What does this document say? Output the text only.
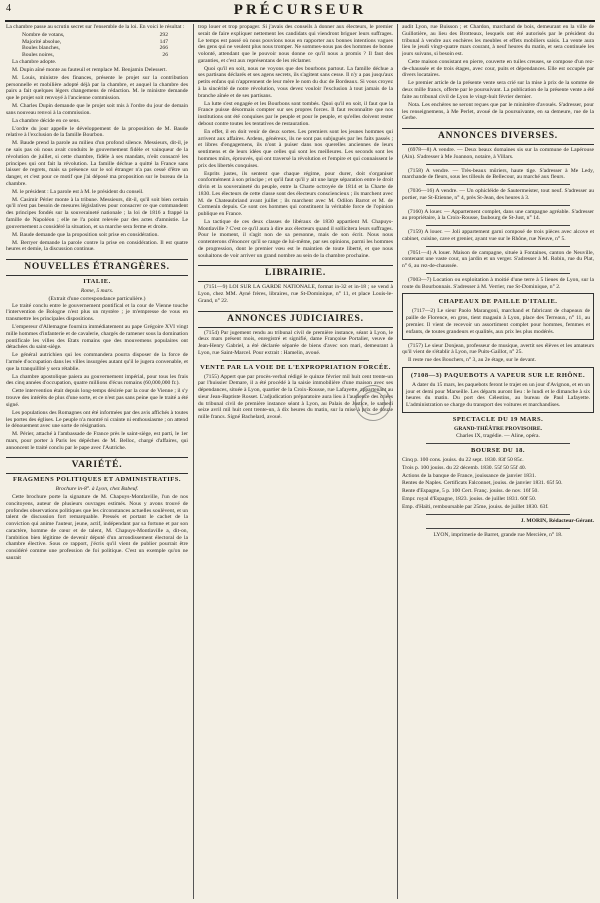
4	PRÉCURSEUR

La chambre passe au scrutin secret sur l'ensemble de la loi. En voici le résultat :

Nombre de votans,	292
Majorité absolue,	147
Boules blanches,	266
Boules noires,	26

La chambre adopte.

M. Dupin aîné monte au fauteuil et remplace M. Benjamin Delessert.

M. Louis, ministre des finances, présente le projet sur la contribution personnelle et mobilière adopté déjà par la chambre, et auquel la chambre des pairs a fait quelques légers changemens de rédaction. M. le ministre demande que le projet soit renvoyé à l'ancienne commission.

M. Charles Dupin demande que le projet soit mis à l'ordre du jour de demain sans nouveau renvoi à la commission.

La chambre décide en ce sens.

L'ordre du jour appelle le développement de la proposition de M. Baude relative à l'exclusion de la famille Bourbon.

M. Baude prend la parole au milieu d'un profond silence. Messieurs, dit-il, je ne sais pas où nous avait conduits le gouvernement fidèle et vainqueur de la révolution de juillet, si cette chambre, fidèle à ses mandats, n'eût consacré les principes qui ont fait la révolution. La famille déchue a quitté la France sans laisser de regrets, mais sa présence sur le sol étranger n'a pas cessé d'être un danger, et c'est pour ce motif que j'ai déposé ma proposition sur le bureau de la chambre.

M. le président : La parole est à M. le président du conseil.

M. Casimir Périer monte à la tribune. Messieurs, dit-il, qu'il soit bien certain qu'il n'est pas besoin de mesures législatives pour consacrer ce que commandent des principes fondés sur la souveraineté nationale ; la loi de 1816 a frappé la famille de Napoléon ; elle ne l'a point relevée par des actes d'amnistie. Le gouvernement a considéré la situation, et sa marche sera ferme et droite.

M. Baude demande que la proposition soit prise en considération.

M. Berryer demande la parole contre la prise en considération. Il est quatre heures et demie, la discussion continue.

NOUVELLES ÉTRANGÈRES.
ITALIE.
Rome, 5 mars.
(Extrait d'une correspondance particulière.)

Le traité conclu entre le gouvernement pontifical et la cour de Vienne touche l'intervention de Bologne n'est plus un mystère ; je m'empresse de vous en transmettre les principales dispositions.

L'empereur d'Allemagne fournira immédiatement au pape Grégoire XVI vingt mille hommes d'infanterie et de cavalerie, chargés de ramener sous la domination pontificale les villes des Etats romains que des mouvemens populaires ont détachées du saint-siège.

Le général autrichien qui les commandera pourra disposer de la force de l'armée d'occupation dans les villes insurgées autant qu'il le jugera convenable, et que la tranquillité y sera rétablie.

La chambre apostolique paiera au gouvernement impérial, pour tous les frais des cinq années d'occupation, quatre millions d'écus romains (60,000,000 fr.).

Cette intervention était depuis long-temps désirée par la cour de Vienne ; il s'y trouve des intérêts de plus d'une sorte, et ce n'est pas sans peine que le traité a été signé.

Les populations des Romagnes ont été informées par des avis affichés à toutes les portes des églises. Le peuple n'a montré ni crainte ni enthousiasme ; on attend le dénouement avec une sorte de résignation.

M. Périer, attaché à l'ambassade de France près le saint-siège, est parti, le 1er mars, pour porter à Paris les dépêches de M. Belloc, chargé d'affaires, qui annoncent le traité conclu par le pape avec l'Autriche.

VARIÉTÉ.
FRAGMENS POLITIQUES ET ADMINISTRATIFS.
Brochure in-8°. à Lyon, chez Babeuf.

Cette brochure porte la signature de M. Chapuys-Montlaville, l'un de nos concitoyens, auteur de plusieurs ouvrages estimés. Nous y avons trouvé de profondes observations politiques que les circonstances actuelles soulèvent, et un talent de discussion fort remarquable. Pressés et portant le cachet de la conviction qui anime l'auteur, jeune, actif, indépendant par sa fortune et par son caractère, homme de cœur et de talent, M. Chapuys-Montlaville a, dit-on, l'ambition bien légitime de devenir député d'un arrondissement électoral de la chambre élective. Sous ce rapport, j'écris qu'il vient de publier pourrait être considéré comme une profession de foi politique. C'est un exemple qu'on ne saurait

trop louer et trop propager. Si j'avais des conseils à donner aux électeurs, le premier serait de faire expliquer nettement les candidats qui viendront briguer leurs suffrages. Le temps est passé où nous pouvions nous en rapporter aux bonnes intentions vagues des gens qui ne veulent plus nous tromper. Ne sommes-nous pas des hommes de bonne volonté, attendant que le pouvoir nous donne ce qu'il nous a promis ? Il faut des garanties, et c'est aux représentans de les réclamer.

Quoi qu'il en soit, nous ne voyons que des bourbons partout. La famille déchue a ses partisans déclarés et ses agens secrets, ils s'agitent sans cesse. Il n'y a pas jusqu'aux petits enfans qui n'apprennent de leur mère le nom du duc de Bordeaux. Si vous croyez à la sincérité de notre révolution, vous devez vouloir l'exclusion à tout jamais de la branche aînée et de ses partisans.

La lutte s'est engagée et les Bourbons sont tombés. Quoi qu'il en soit, il faut que la France puisse désormais compter sur ses propres forces. Il faut reconnaître que nos institutions ont été conquises par le peuple et pour le peuple, et qu'elles doivent rester debout contre toutes les tentatives de restauration.

En effet, il en doit venir de deux sortes. Les premiers sont les jeunes hommes qui arrivent aux affaires. Ardens, généreux, ils ne sont pas subjugués par les faits passés ; et libres d'engagemens, ils n'ont à puiser dans nos querelles anciennes de leurs sentimens et de leurs idées que celles qui sont les meilleures. Les seconds sont les hommes mûrs, éprouvés, qui ont traversé la révolution et l'empire et qui connaissent le prix des libertés conquises.

Esprits justes, ils sentent que chaque régime, pour durer, doit s'organiser conformément à son principe ; et qu'il faut qu'il y ait une large séparation entre le droit divin et la souveraineté du peuple, entre la Charte octroyée de 1814 et la Charte de 1830. Les électeurs de cette classe sont des électeurs consciencieux ; ils marchent avec M. de Chateaubriand avant juillet ; ils marchent avec M. Odilon Barrot et M. de Cormenin depuis. Ce sont ces hommes qui constituent la véritable force de l'opinion publique en France.

La tactique de ces deux classes de libéraux de 1830 appartient M. Chapuys-Montlaville ? C'est ce qu'il aura à dire aux électeurs quand il sollicitera leurs suffrages. Pour le moment, il s'agit non de sa personne, mais de son écrit. Nous nous contenterons d'énoncer qu'il se range de lui-même, par ses opinions, parmi les hommes de progression, dont le premier vœu est le maintien de toute liberté, et que nous souhaitons de voir arriver un grand nombre au sein de la chambre prochaine.

LIBRAIRIE.

(7151—9) LOI SUR LA GARDE NATIONALE, format in-32 et in-18 ; se vend à Lyon, chez MM. Ayné frères, libraires, rue St-Dominique, n° 11, et place Louis-le-Grand, n° 22.

ANNONCES JUDICIAIRES.

(7154) Par jugement rendu au tribunal civil de première instance, séant à Lyon, le deux mars présent mois, enregistré et signifié, dame Françoise Portalier, veuve de Jean-Henry Gabriel, a été déclarée séparée de biens d'avec son mari, demeurant à Lyon, rue Saint-Marcel. Pour extrait : Hamelin, avoué.

VENTE PAR LA VOIE DE L'EXPROPRIATION FORCÉE.

(7155) Appert que par procès-verbal rédigé le quinze février mil huit cent trente-un par l'huissier Demare, il a été procédé à la saisie immobilière d'une maison avec ses dépendances, située à Lyon, quartier de la Croix-Rousse, rue Lafayette, appartenant au sieur Jean-Baptiste Rosset. L'adjudication préparatoire aura lieu à l'audience des criées du tribunal civil de première instance séant à Lyon, au Palais de Justice, le samedi seize avril mil huit cent trente-un, à dix heures du matin, sur la mise à prix de douze mille francs. Signé Bachelard, avoué.

audit Lyon, rue Buisson ; et Chardon, marchand de bois, demeurant en la ville de Guillotière, au lieu des Brotteaux, lesquels ont été autorisés par le président du tribunal à vendre aux enchères les meubles et effets mobiliers saisis. La vente aura lieu le jeudi vingt-quatre mars courant, à neuf heures du matin, et sera continuée les jours suivans, si besoin est.

Cette maison consistant en pierre, couverte en tuiles creuses, se compose d'un rez-de-chaussée et de trois étages, avec cour, puits et dépendances. Elle est occupée par divers locataires.

Le premier article de la présente vente sera crié sur la mise à prix de la somme de deux mille francs, offerte par le poursuivant. La publication de la présente vente a été faite au tribunal civil de Lyon le vingt-huit février dernier.

Nota. Les enchères ne seront reçues que par le ministère d'avoués. S'adresser, pour les renseignemens, à Me Perlet, avoué de la poursuivante, en sa demeure, rue de la Gerbe.

ANNONCES DIVERSES.

(6978—8) A vendre. — Deux beaux domaines sis sur la commune de Lapérouse (Ain). S'adresser à Me Joannon, notaire, à Villars.

(7158) A vendre. — Très-beaux mûriers, haute tige. S'adresser à Me Ledy, marchande de fleurs, sous les tilleuls de Bellecour, au marché aux fleurs.

(7036—16) A vendre. — Un ophicléide de Sautermeister, tout neuf. S'adresser au portier, rue St-Etienne, n° 4, près St-Jean, des heures à 3.

(7160) A louer. — Appartement complet, dans une campagne agréable. S'adresser au propriétaire, à la Croix-Rousse, faubourg de St-Just, n° 14.

(7159) A louer. — Joli appartement garni composé de trois pièces avec alcove et cabinet, cuisine, cave et grenier, ayant vue sur le Rhône, rue Neuve, n° 5.

(7051—4) A louer. Maison de campagne, située à Fontaines, canton de Neuville, contenant une vaste cour, un jardin et un verger. S'adresser à M. Robin, rue du Plat, n° 6, au rez-de-chaussée.

(7003—7) Location ou exploitation à moitié d'une terre à 5 lieues de Lyon, sur la route du Bourbonnais. S'adresser à M. Verrier, rue St-Dominique, n° 2.

CHAPEAUX DE PAILLE D'ITALIE.

(7117—2) Le sieur Paolo Marangoni, marchand et fabricant de chapeaux de paille de Florence, en gros, tient magasin à Lyon, place des Terreaux, n° 11, au premier. Il vient de recevoir un assortiment complet pour hommes, femmes et enfants, de toutes grandeurs et qualités, aux prix les plus modérés.

(7157) Le sieur Donjean, professeur de musique, avertit ses élèves et les amateurs qu'il vient de s'établir à Lyon, rue Puits-Gaillot, n° 25.

Il reste rue des Bouchers, n° 3, au 2e étage, sur le devant.

(7108—3) PAQUEBOTS A VAPEUR SUR LE RHÔNE.

A dater du 15 mars, les paquebots feront le trajet en un jour d'Avignon, et en un jour et demi pour Marseille. Les départs auront lieu : le lundi et le dimanche à six heures du matin. Du port des Célestins, au bureau de Paul Lafayette. L'administration se charge du transport des voitures et marchandises.

SPECTACLE DU 19 MARS.
GRAND-THÉÂTRE PROVISOIRE.
Charles IX, tragédie. — Aline, opéra.
BOURSE DU 18.

Cinq p. 100 cons. jouiss. du 22 sept. 1830. 83f 50 85c.

Trois p. 100 jouiss. du 22 décemb. 1830. 55f 50 55f 40.

Actions de la banque de France, jouissance de janvier 1831.

Rentes de Naples. Certificats Falconnet, jouiss. de janvier 1831. 65f 50.

Rente d'Espagne, 5 p. 100 Cert. Franç. jouiss. de nov. 16f 50.

Empr. royal d'Espagne, 1823. jouiss. de juillet 1831. 60f 50.

Emp. d'Haïti, remboursable par 25me, jouiss. de juillet 1830. 63f.

J. MORIN, Rédacteur-Gérant.
LYON, imprimerie de Barret, grande rue Mercière, n° 18.
